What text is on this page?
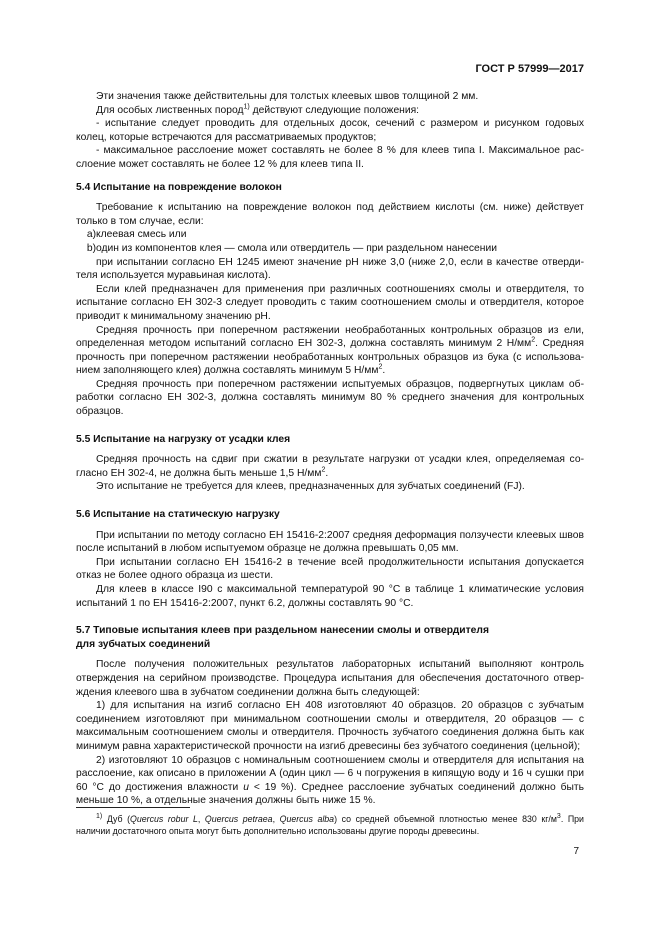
ГОСТ Р 57999—2017

Эти значения также действительны для толстых клеевых швов толщиной 2 мм.

Для особых лиственных пород$^{1)}$ действуют следующие положения:

- испытание следует проводить для отдельных досок, сечений с размером и рисунком годовых колец, которые встречаются для рассматриваемых продуктов;

- максимальное расслоение может составлять не более 8 % для клеев типа I. Максимальное расслоение может составлять не более 12 % для клеев типа II.

5.4 Испытание на повреждение волокон

Требование к испытанию на повреждение волокон под действием кислоты (см. ниже) действует только в том случае, если:

а)клеевая смесь или

b)один из компонентов клея — смола или отвердитель — при раздельном нанесении

при испытании согласно ЕН 1245 имеют значение pH ниже 3,0 (ниже 2,0, если в качестве отвердителя используется муравьиная кислота).

Если клей предназначен для применения при различных соотношениях смолы и отвердителя, то испытание согласно ЕН 302-3 следует проводить с таким соотношением смолы и отвердителя, которое приводит к минимальному значению pH.

Средняя прочность при поперечном растяжении необработанных контрольных образцов из ели, определенная методом испытаний согласно ЕН 302-3, должна составлять минимум 2 $Н/мм^2$. Средняя прочность при поперечном растяжении необработанных контрольных образцов из бука (с использованием заполняющего клея) должна составлять минимум 5 $Н/мм^2$.

Средняя прочность при поперечном растяжении испытуемых образцов, подвергнутых циклам обработки согласно ЕН 302-3, должна составлять минимум 80 % среднего значения для контрольных образцов.

5.5 Испытание на нагрузку от усадки клея

Средняя прочность на сдвиг при сжатии в результате нагрузки от усадки клея, определяемая согласно ЕН 302-4, не должна быть меньше 1,5 $Н/мм^2$.

Это испытание не требуется для клеев, предназначенных для зубчатых соединений (FJ).

5.6 Испытание на статическую нагрузку

При испытании по методу согласно ЕН 15416-2:2007 средняя деформация ползучести клеевых швов после испытаний в любом испытуемом образце не должна превышать 0,05 мм.

При испытании согласно ЕН 15416-2 в течение всей продолжительности испытания допускается отказ не более одного образца из шести.

Для клеев в классе I90 с максимальной температурой 90 °С в таблице 1 климатические условия испытаний 1 по ЕН 15416-2:2007, пункт 6.2, должны составлять 90 °С.

5.7 Типовые испытания клеев при раздельном нанесении смолы и отвердителя

для зубчатых соединений

После получения положительных результатов лабораторных испытаний выполняют контроль отверждения на серийном производстве. Процедура испытания для обеспечения достаточного отверждения клеевого шва в зубчатом соединении должна быть следующей:

1) для испытания на изгиб согласно ЕН 408 изготовляют 40 образцов. 20 образцов с зубчатым соединением изготовляют при минимальном соотношении смолы и отвердителя, 20 образцов — с максимальным соотношением смолы и отвердителя. Прочность зубчатого соединения должна быть как минимум равна характеристической прочности на изгиб древесины без зубчатого соединения (цельной);

2) изготовляют 10 образцов с номинальным соотношением смолы и отвердителя для испытания на расслоение, как описано в приложении А (один цикл — 6 ч погружения в кипящую воду и 16 ч сушки при 60 °С до достижения влажности u < 19 %). Среднее расслоение зубчатых соединений должно быть меньше 10 %, а отдельные значения должны быть ниже 15 %.

$^{1)}$ Дуб (Quercus robur L, Quercus petraea, Quercus alba) со средней объемной плотностью менее 830 $кг/м^3$. При наличии достаточного опыта могут быть дополнительно использованы другие породы древесины.

7
